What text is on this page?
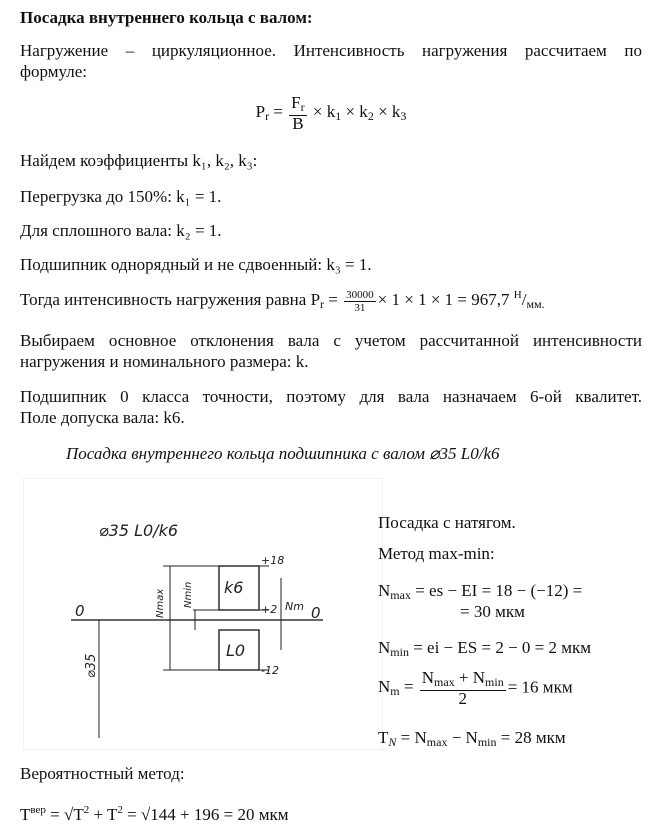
Посадка внутреннего кольца с валом:
Нагружение – циркуляционное. Интенсивность нагружения рассчитаем по
формуле:
$P_r = \frac{F_r}{B} \times k_1 \times k_2 \times k_3$
Найдем коэффициенты k₁, k₂, k₃:
Перегрузка до 150%: k₁ = 1.
Для сплошного вала: k₂ = 1.
Подшипник однорядный и не сдвоенный: k₃ = 1.
Тогда интенсивность нагружения равна $P_r = \frac{30000}{31} \times 1 \times 1 \times 1 = 967,7$ $^Н/_{мм.}$
Выбираем основное отклонения вала с учетом рассчитанной интенсивности
нагружения и номинального размера: k.
Подшипник 0 класса точности, поэтому для вала назначаем 6-ой квалитет.
Поле допуска вала: k6.
Посадка внутреннего кольца подшипника с валом ⌀35 L0/k6
⌀35 L0/k6
0	0
k6
L0
+18
+2
-12
Nmax Nmin	Nm
⌀35
Посадка с натягом.
Метод max-min:
$N_{max}$ = es − EI = 18 − (−12) =
= 30 мкм
$N_{min}$ = ei − ES = 2 − 0 = 2 мкм
$N_m = \frac{N_{max} + N_{min}}{2} = 16$ мкм
$T_N = N_{max} - N_{min} = 28$ мкм
Вероятностный метод:
$T^{вер} = √T^2 + T^2 = √144 + 196 = 20$ мкм
